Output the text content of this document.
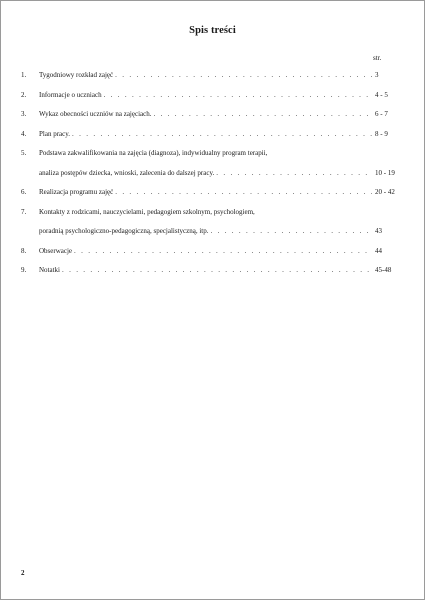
Spis treści
str.
1.	Tygodniowy rozkład zajęć . . .	3
2.	Informacje o uczniach . . .	4 - 5
3.	Wykaz obecności uczniów na zajęciach. . . .	6 - 7
4.	Plan pracy. . . .	8 - 9
5.	Podstawa zakwalifikowania na zajęcia (diagnoza), indywidualny program terapii,
analiza postępów dziecka, wnioski, zalecenia do dalszej pracy. . . .	10 - 19
6.	Realizacja programu zajęć . . .	20 - 42
7.	Kontakty z rodzicami, nauczycielami, pedagogiem szkolnym, psychologiem,
poradnią psychologiczno-pedagogiczną, specjalistyczną, itp. . . .	43
8.	Obserwacje . . .	44
9.	Notatki . . .	45-48
2
